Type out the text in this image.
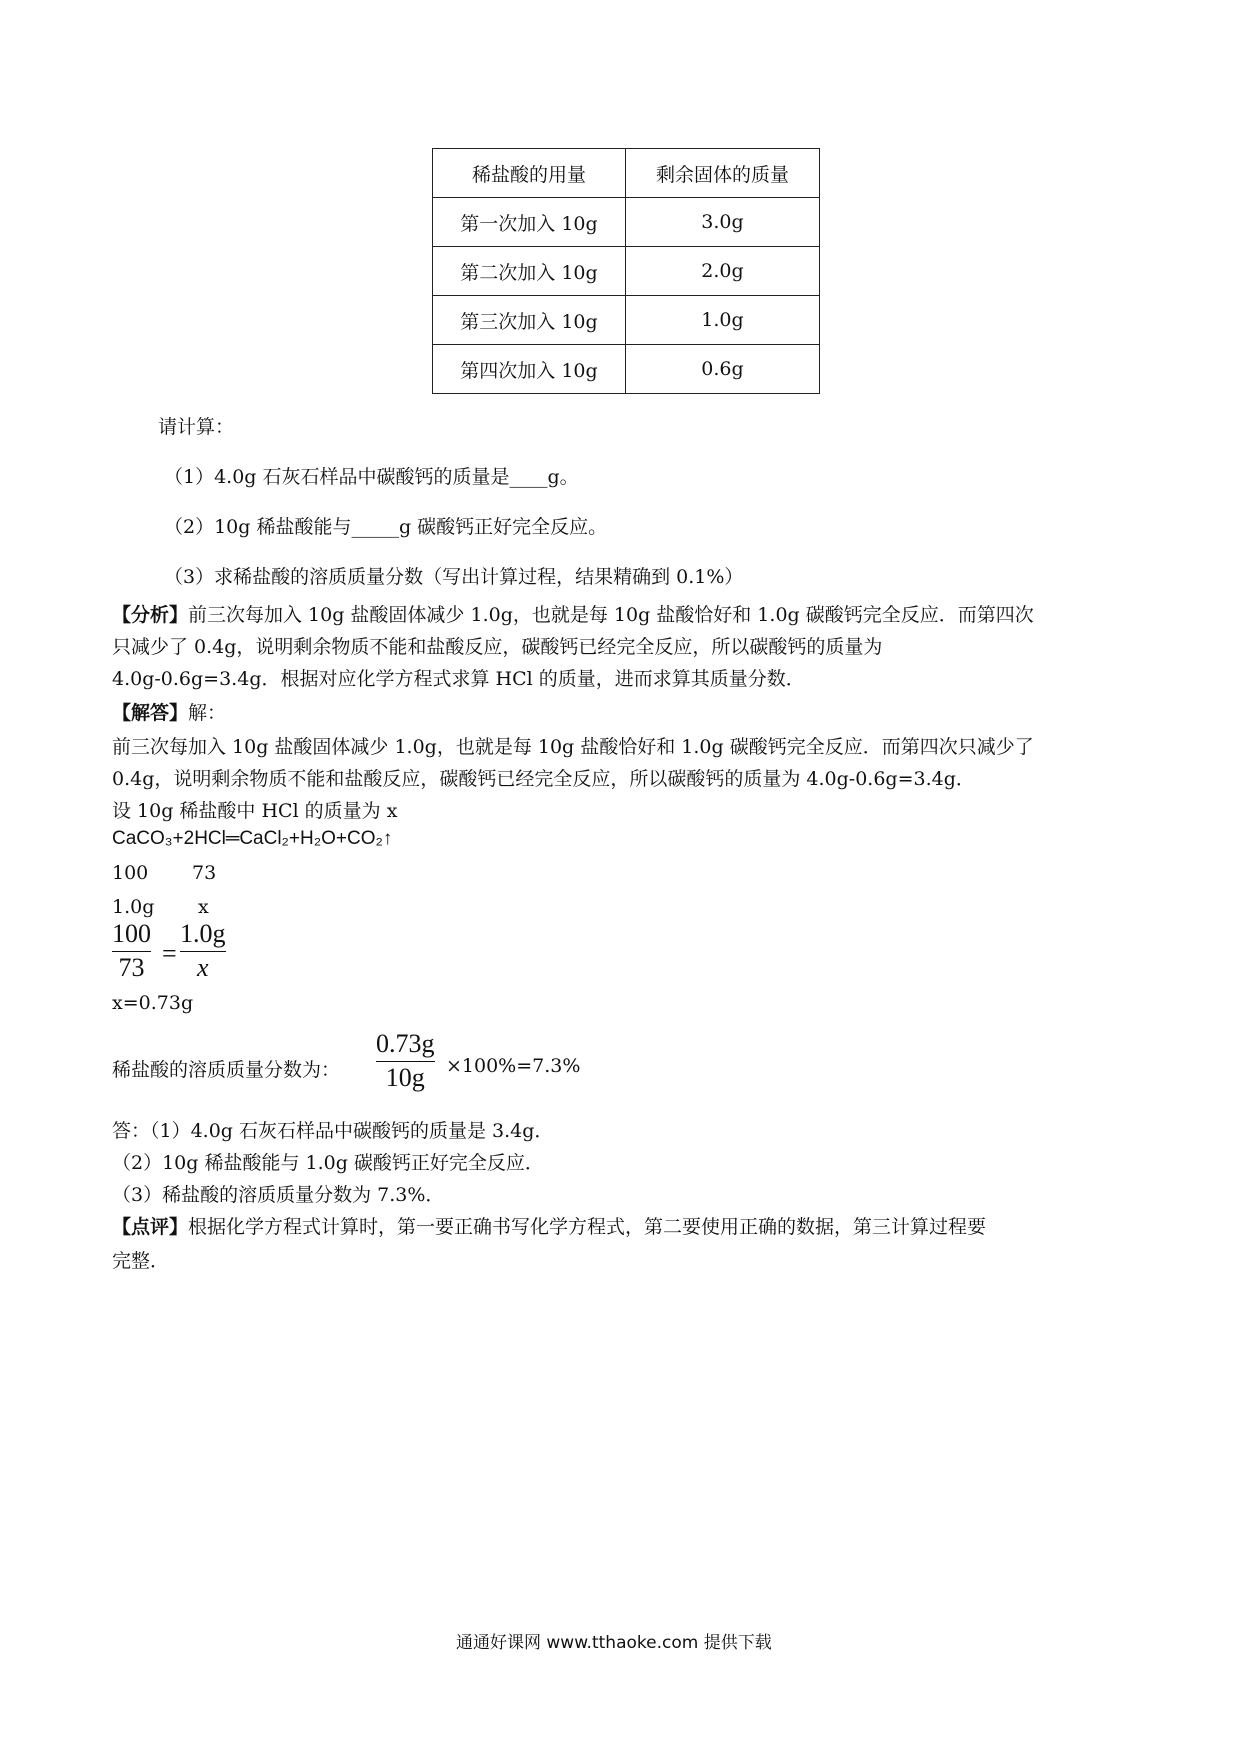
稀盐酸的用量	剩余固体的质量
第一次加入 10g	3.0g
第二次加入 10g	2.0g
第三次加入 10g	1.0g
第四次加入 10g	0.6g
请计算：
（1）4.0g 石灰石样品中碳酸钙的质量是____g。
（2）10g 稀盐酸能与_____g 碳酸钙正好完全反应。
（3）求稀盐酸的溶质质量分数（写出计算过程，结果精确到 0.1%）
【分析】前三次每加入 10g 盐酸固体减少 1.0g，也就是每 10g 盐酸恰好和 1.0g 碳酸钙完全反应．而第四次
只减少了 0.4g，说明剩余物质不能和盐酸反应，碳酸钙已经完全反应，所以碳酸钙的质量为
4.0g-0.6g=3.4g．根据对应化学方程式求算 HCl 的质量，进而求算其质量分数．
【解答】解：
前三次每加入 10g 盐酸固体减少 1.0g，也就是每 10g 盐酸恰好和 1.0g 碳酸钙完全反应．而第四次只减少了
0.4g，说明剩余物质不能和盐酸反应，碳酸钙已经完全反应，所以碳酸钙的质量为 4.0g-0.6g=3.4g．
设 10g 稀盐酸中 HCl 的质量为 x
CaCO₃+2HCl═CaCl₂+H₂O+CO₂↑
100 73
1.0g x
100
73 =
1.0g
x
x=0.73g
稀盐酸的溶质质量分数为：
0.73g
10g	×100%=7.3%
答：（1）4.0g 石灰石样品中碳酸钙的质量是 3.4g．
（2）10g 稀盐酸能与 1.0g 碳酸钙正好完全反应．
（3）稀盐酸的溶质质量分数为 7.3%．
【点评】根据化学方程式计算时，第一要正确书写化学方程式，第二要使用正确的数据，第三计算过程要
完整．
通通好课网 www.tthaoke.com 提供下载
